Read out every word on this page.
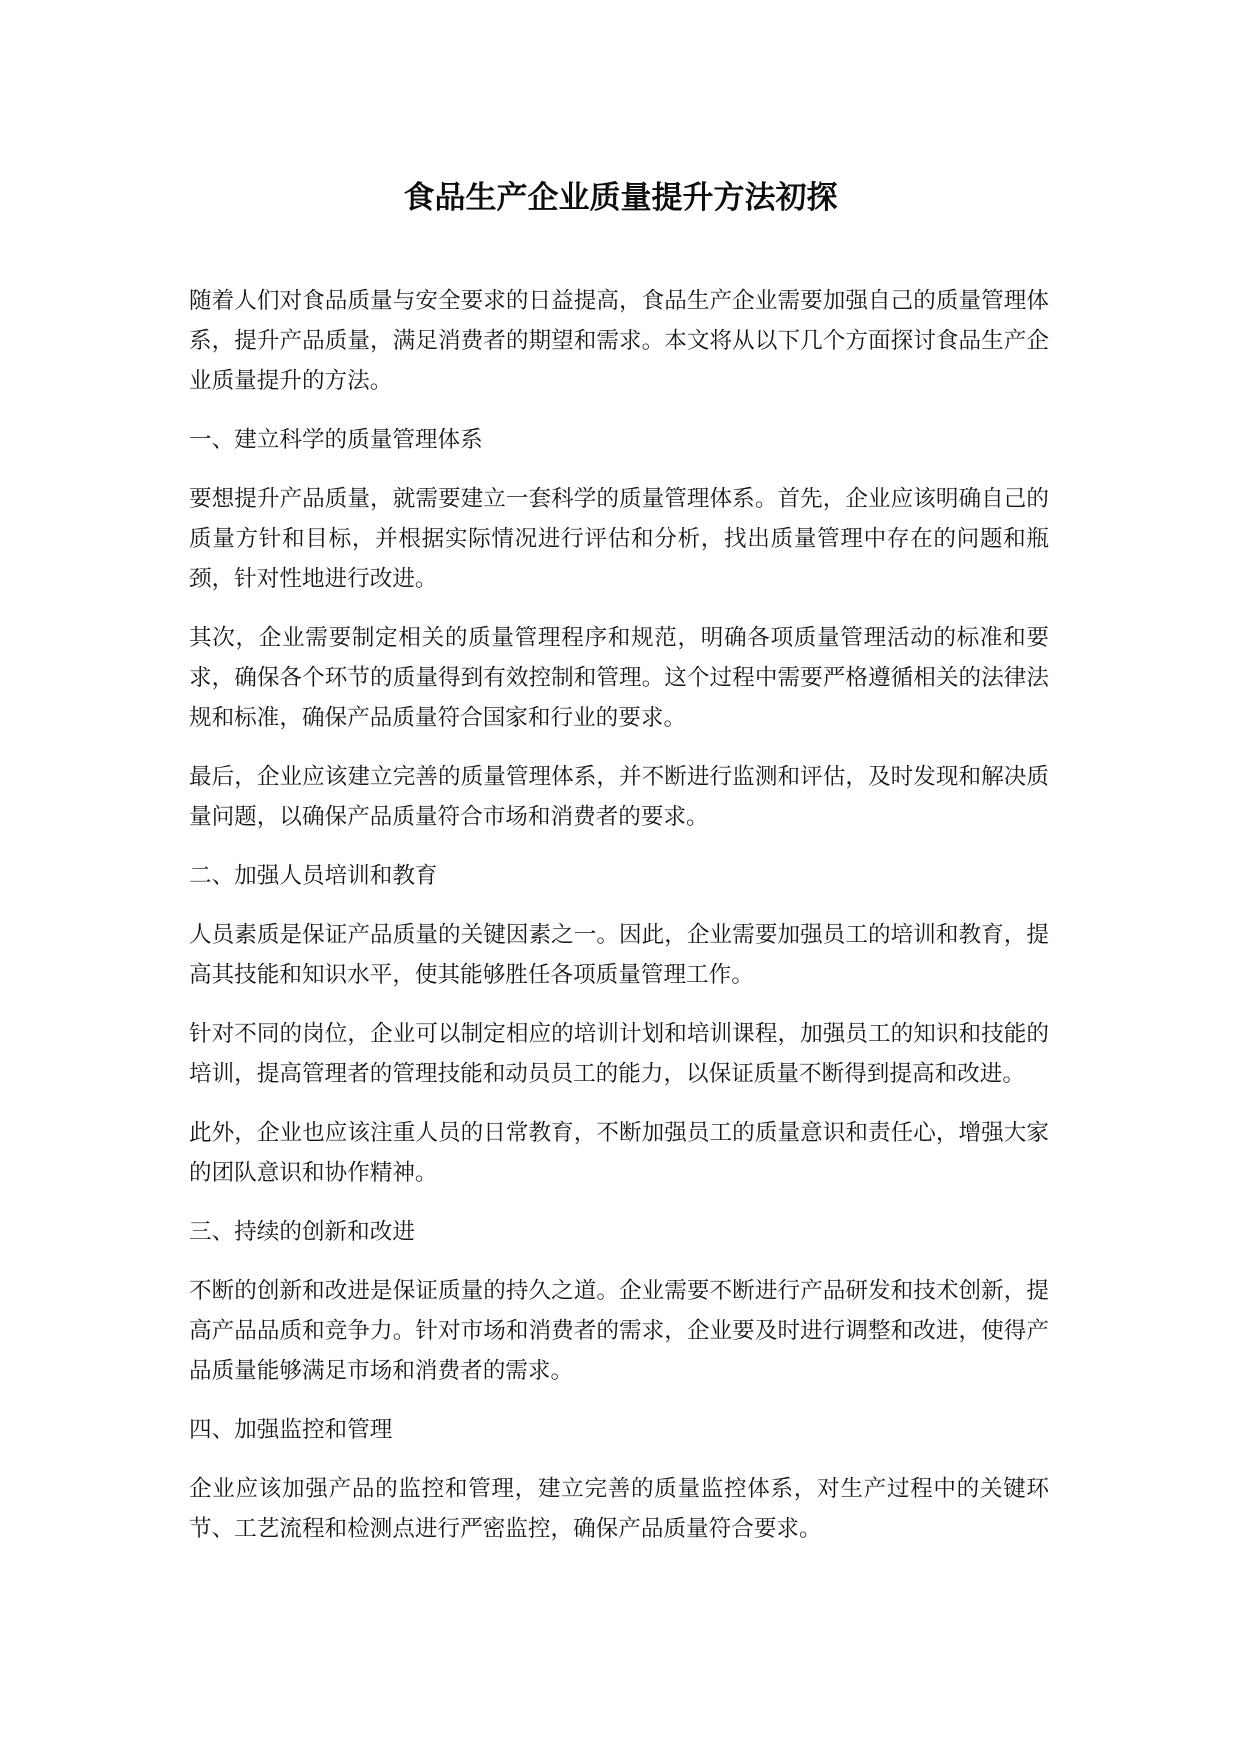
食品生产企业质量提升方法初探

随着人们对食品质量与安全要求的日益提高，食品生产企业需要加强自己的质量管理体系，提升产品质量，满足消费者的期望和需求。本文将从以下几个方面探讨食品生产企业质量提升的方法。

一、建立科学的质量管理体系

要想提升产品质量，就需要建立一套科学的质量管理体系。首先，企业应该明确自己的质量方针和目标，并根据实际情况进行评估和分析，找出质量管理中存在的问题和瓶颈，针对性地进行改进。

其次，企业需要制定相关的质量管理程序和规范，明确各项质量管理活动的标准和要求，确保各个环节的质量得到有效控制和管理。这个过程中需要严格遵循相关的法律法规和标准，确保产品质量符合国家和行业的要求。

最后，企业应该建立完善的质量管理体系，并不断进行监测和评估，及时发现和解决质量问题，以确保产品质量符合市场和消费者的要求。

二、加强人员培训和教育

人员素质是保证产品质量的关键因素之一。因此，企业需要加强员工的培训和教育，提高其技能和知识水平，使其能够胜任各项质量管理工作。

针对不同的岗位，企业可以制定相应的培训计划和培训课程，加强员工的知识和技能的培训，提高管理者的管理技能和动员员工的能力，以保证质量不断得到提高和改进。

此外，企业也应该注重人员的日常教育，不断加强员工的质量意识和责任心，增强大家的团队意识和协作精神。

三、持续的创新和改进

不断的创新和改进是保证质量的持久之道。企业需要不断进行产品研发和技术创新，提高产品品质和竞争力。针对市场和消费者的需求，企业要及时进行调整和改进，使得产品质量能够满足市场和消费者的需求。

四、加强监控和管理

企业应该加强产品的监控和管理，建立完善的质量监控体系，对生产过程中的关键环节、工艺流程和检测点进行严密监控，确保产品质量符合要求。
